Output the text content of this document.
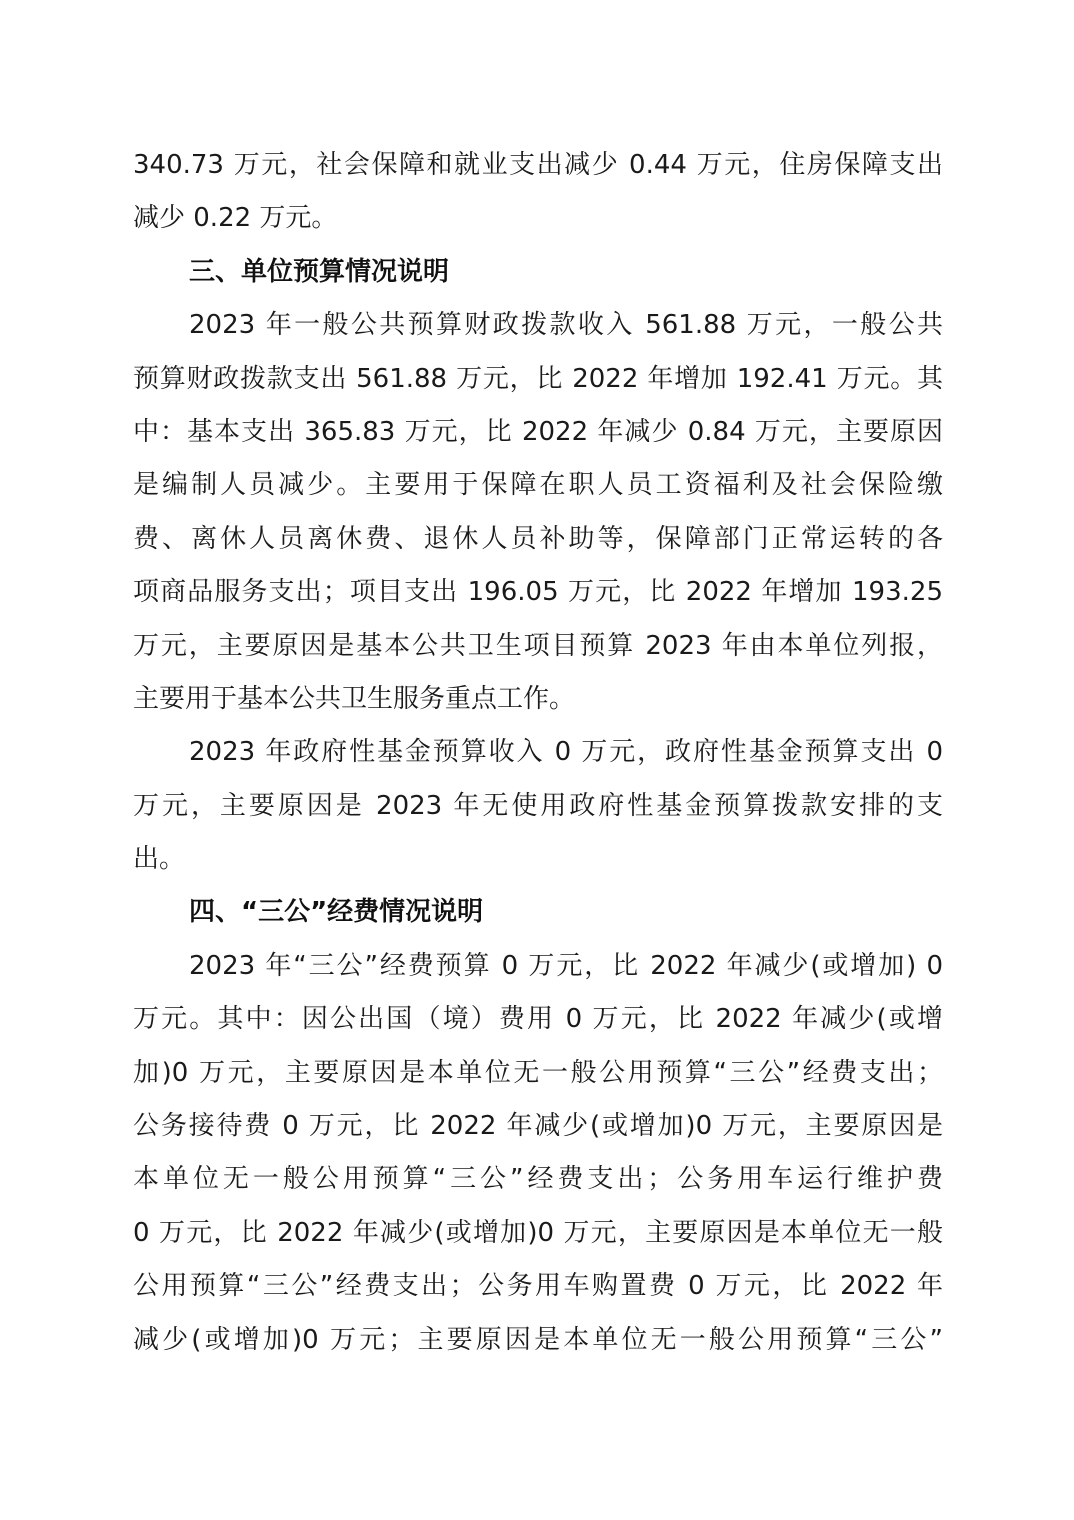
340.73 万元，社会保障和就业支出减少 0.44 万元，住房保障支出
减少 0.22 万元。
三、单位预算情况说明
2023 年一般公共预算财政拨款收入 561.88 万元，一般公共
预算财政拨款支出 561.88 万元，比 2022 年增加 192.41 万元。其
中：基本支出 365.83 万元，比 2022 年减少 0.84 万元，主要原因
是编制人员减少。主要用于保障在职人员工资福利及社会保险缴
费、离休人员离休费、退休人员补助等，保障部门正常运转的各
项商品服务支出；项目支出 196.05 万元，比 2022 年增加 193.25
万元，主要原因是基本公共卫生项目预算 2023 年由本单位列报，
主要用于基本公共卫生服务重点工作。
2023 年政府性基金预算收入 0 万元，政府性基金预算支出 0
万元，主要原因是 2023 年无使用政府性基金预算拨款安排的支
出。
四、“三公”经费情况说明
2023 年“三公”经费预算 0 万元，比 2022 年减少(或增加) 0
万元。其中：因公出国（境）费用 0 万元，比 2022 年减少(或增
加)0 万元，主要原因是本单位无一般公用预算“三公”经费支出；
公务接待费 0 万元，比 2022 年减少(或增加)0 万元，主要原因是
本单位无一般公用预算“三公”经费支出；公务用车运行维护费
0 万元，比 2022 年减少(或增加)0 万元，主要原因是本单位无一般
公用预算“三公”经费支出；公务用车购置费 0 万元，比 2022 年
减少(或增加)0 万元；主要原因是本单位无一般公用预算“三公”
